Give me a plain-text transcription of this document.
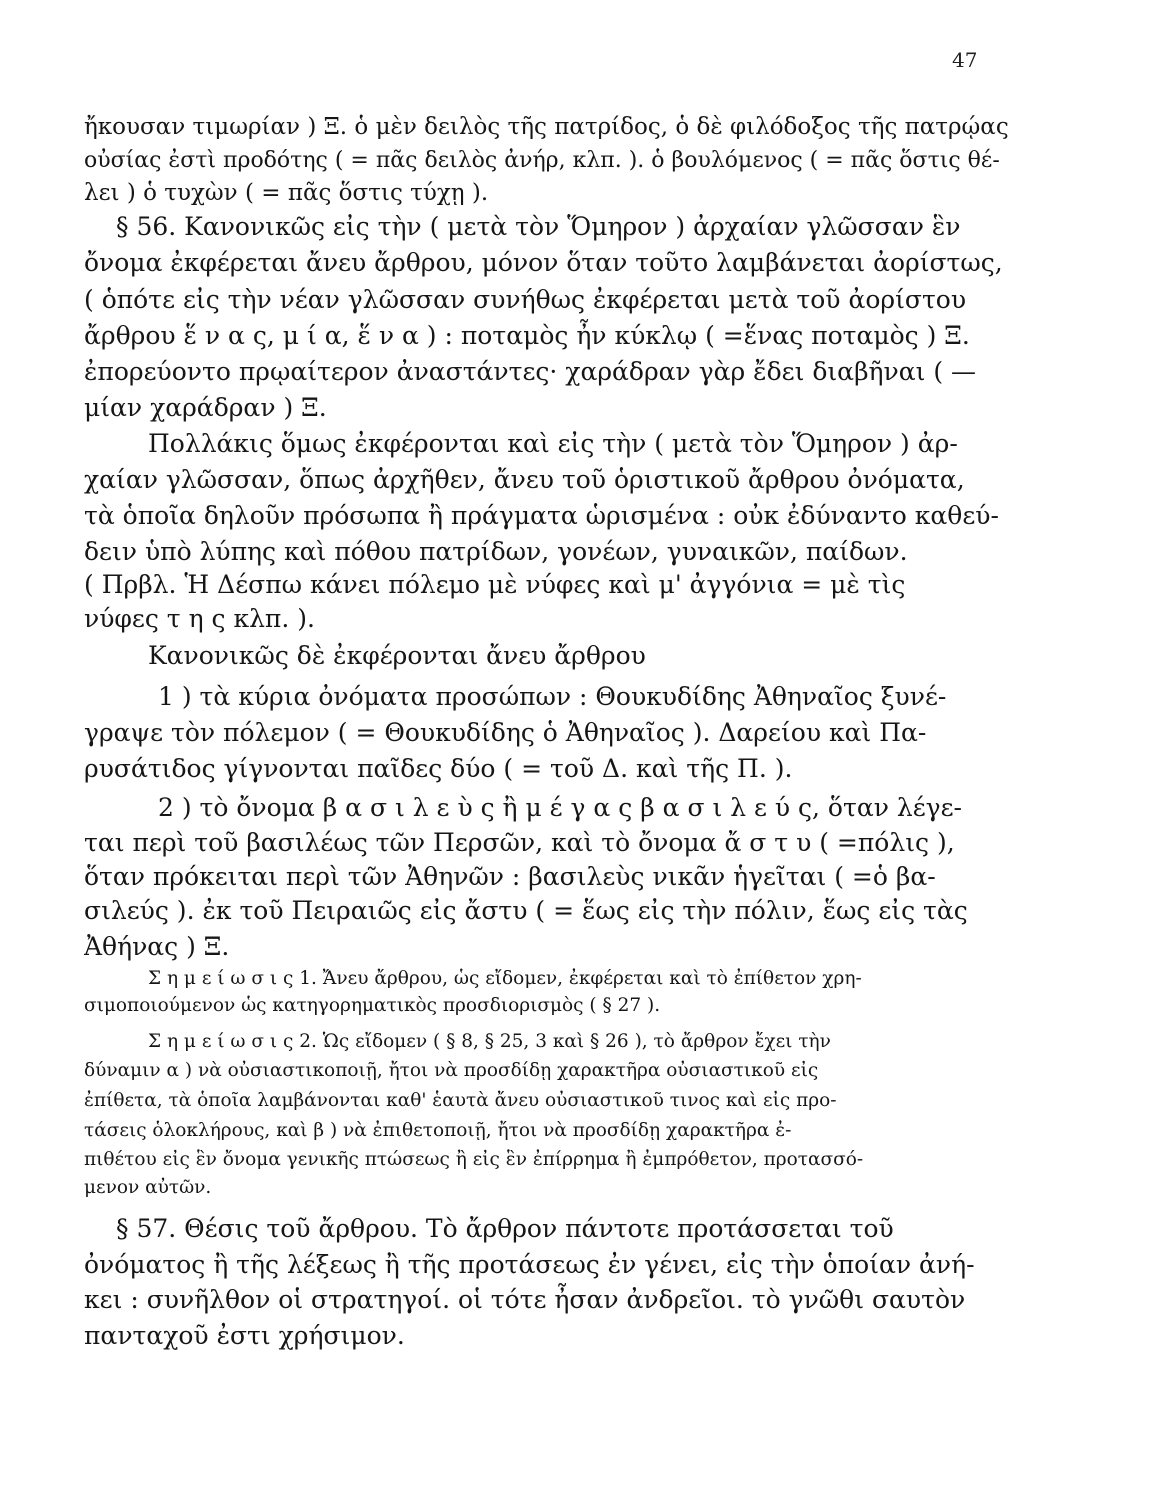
47
ἤκουσαν τιμωρίαν ) Ξ. ὁ μὲν δειλὸς τῆς πατρίδος, ὁ δὲ φιλόδοξος τῆς πατρῴας
οὐσίας ἐστὶ προδότης ( = πᾶς δειλὸς ἀνήρ, κλπ. ). ὁ βουλόμενος ( = πᾶς ὅστις θέ-
λει ) ὁ τυχὼν ( = πᾶς ὅστις τύχῃ ).
§ 56. Κανονικῶς εἰς τὴν ( μετὰ τὸν Ὅμηρον ) ἀρχαίαν γλῶσσαν ἓν
ὄνομα ἐκφέρεται ἄνευ ἄρθρου, μόνον ὅταν τοῦτο λαμβάνεται ἀορίστως,
( ὁπότε εἰς τὴν νέαν γλῶσσαν συνήθως ἐκφέρεται μετὰ τοῦ ἀορίστου
ἄρθρου ἕ ν α ς, μ ί α, ἕ ν α ) : ποταμὸς ἦν κύκλῳ ( =ἕνας ποταμὸς ) Ξ.
ἐπορεύοντο πρῳαίτερον ἀναστάντες· χαράδραν γὰρ ἔδει διαβῆναι ( —
μίαν χαράδραν ) Ξ.
Πολλάκις ὅμως ἐκφέρονται καὶ εἰς τὴν ( μετὰ τὸν Ὅμηρον ) ἀρ-
χαίαν γλῶσσαν, ὅπως ἀρχῆθεν, ἄνευ τοῦ ὁριστικοῦ ἄρθρου ὀνόματα,
τὰ ὁποῖα δηλοῦν πρόσωπα ἢ πράγματα ὡρισμένα : οὐκ ἐδύναντο καθεύ-
δειν ὑπὸ λύπης καὶ πόθου πατρίδων, γονέων, γυναικῶν, παίδων.
( Πρβλ. Ἡ Δέσπω κάνει πόλεμο μὲ νύφες καὶ μ' ἀγγόνια = μὲ τὶς
νύφες τ η ς κλπ. ).
Κανονικῶς δὲ ἐκφέρονται ἄνευ ἄρθρου
1 ) τὰ κύρια ὀνόματα προσώπων : Θουκυδίδης Ἀθηναῖος ξυνέ-
γραψε τὸν πόλεμον ( = Θουκυδίδης ὁ Ἀθηναῖος ). Δαρείου καὶ Πα-
ρυσάτιδος γίγνονται παῖδες δύο ( = τοῦ Δ. καὶ τῆς Π. ).
2 ) τὸ ὄνομα β α σ ι λ ε ὺ ς ἢ μ έ γ α ς β α σ ι λ ε ύ ς, ὅταν λέγε-
ται περὶ τοῦ βασιλέως τῶν Περσῶν, καὶ τὸ ὄνομα ἄ σ τ υ ( =πόλις ),
ὅταν πρόκειται περὶ τῶν Ἀθηνῶν : βασιλεὺς νικᾶν ἡγεῖται ( =ὁ βα-
σιλεύς ). ἐκ τοῦ Πειραιῶς εἰς ἄστυ ( = ἕως εἰς τὴν πόλιν, ἕως εἰς τὰς
Ἀθήνας ) Ξ.
Σ η μ ε ί ω σ ι ς 1. Ἄνευ ἄρθρου, ὡς εἴδομεν, ἐκφέρεται καὶ τὸ ἐπίθετον χρη-
σιμοποιούμενον ὡς κατηγορηματικὸς προσδιορισμὸς ( § 27 ).
Σ η μ ε ί ω σ ι ς 2. Ὡς εἴδομεν ( § 8, § 25, 3 καὶ § 26 ), τὸ ἄρθρον ἔχει τὴν
δύναμιν α ) νὰ οὐσιαστικοποιῇ, ἤτοι νὰ προσδίδῃ χαρακτῆρα οὐσιαστικοῦ εἰς
ἐπίθετα, τὰ ὁποῖα λαμβάνονται καθ' ἑαυτὰ ἄνευ οὐσιαστικοῦ τινος καὶ εἰς προ-
τάσεις ὁλοκλήρους, καὶ β ) νὰ ἐπιθετοποιῇ, ἤτοι νὰ προσδίδῃ χαρακτῆρα ἐ-
πιθέτου εἰς ἓν ὄνομα γενικῆς πτώσεως ἢ εἰς ἓν ἐπίρρημα ἢ ἐμπρόθετον, προτασσό-
μενον αὐτῶν.
§ 57. Θέσις τοῦ ἄρθρου. Τὸ ἄρθρον πάντοτε προτάσσεται τοῦ
ὀνόματος ἢ τῆς λέξεως ἢ τῆς προτάσεως ἐν γένει, εἰς τὴν ὁποίαν ἀνή-
κει : συνῆλθον οἱ στρατηγοί. οἱ τότε ἦσαν ἀνδρεῖοι. τὸ γνῶθι σαυτὸν
πανταχοῦ ἐστι χρήσιμον.
